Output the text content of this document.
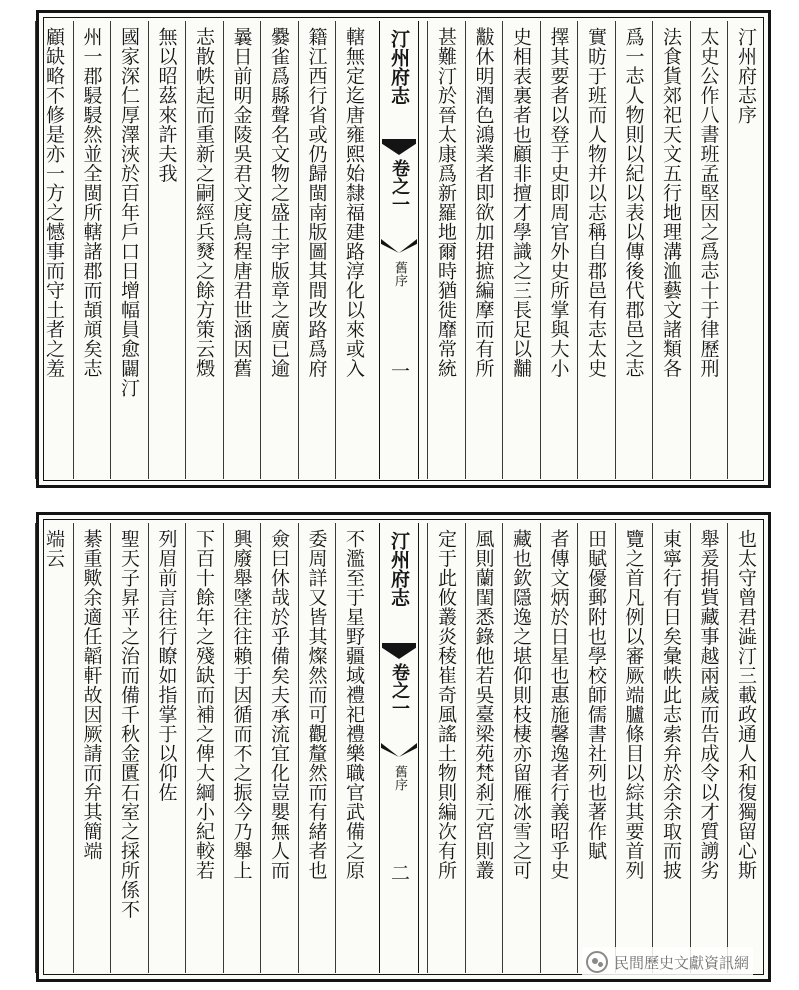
汀州府志
卷之一
舊序
一
汀州府志序
太史公作八書班孟堅因之爲志十于律歷刑
法食貨郊祀天文五行地理溝洫藝文諸類各
爲一志人物則以紀以表以傳後代郡邑之志
實昉于班而人物并以志稱自郡邑有志太史
擇其要者以登于史即周官外史所掌與大小
史相表裏者也顧非擅才學識之三長足以黼
黻休明潤色鴻業者即欲加捃摭編摩而有所
甚難汀於晉太康爲新羅地爾時猶徙靡常統
轄無定迄唐雍熙始隸福建路淳化以來或入
籍江西行省或仍歸閩南版圖其間改路爲府
爨雀爲縣聲名文物之盛土宇版章之廣已逾
曩日前明金陵吳君文度鳥程唐君世涵因舊
志散帙起而重新之嗣經兵燹之餘方策云燬
無以昭茲來許夫我
國家深仁厚澤浹於百年戶口日增幅員愈闢汀
州一郡駸駸然並全閩所轄諸郡而頡頏矣志
顧缺略不修是亦一方之憾事而守土者之羞
汀州府志
卷之一
舊序
二	也太守曾君澁汀三載政通人和復獨留心斯
舉爰捐貲藏事越兩歲而告成令以才質謭劣
東寧行有日矣彙帙此志索弁於余余取而披
覽之首凡例以審厥端臚條目以綜其要首列
田賦優郵附也學校師儒書社列也著作賦
者傳文炳於日星也惠施馨逸者行義昭乎史
藏也欽隱逸之堪仰則枝棲亦留雁冰雪之可
風則蘭閨悉錄他若吳臺梁苑梵刹元宮則叢
定于此攸叢炎稜崔奇風謠土物則編次有所
不濫至于星野疆域禮祀禮樂職官武備之原
委周詳又皆其燦然而可觀釐然而有緒者也
僉曰休哉於乎備矣夫承流宜化豈嬰無人而
興廢舉墜往往賴于因循而不之振今乃舉上
下百十餘年之殘缺而補之俾大綱小紀較若
列眉前言往行瞭如指掌于以仰佐
聖天子昇平之治而備千秋金匱石室之採所係不
綦重歟余適任韜軒故因厥請而弁其簡端
端云
民間歷史文獻資訊網
